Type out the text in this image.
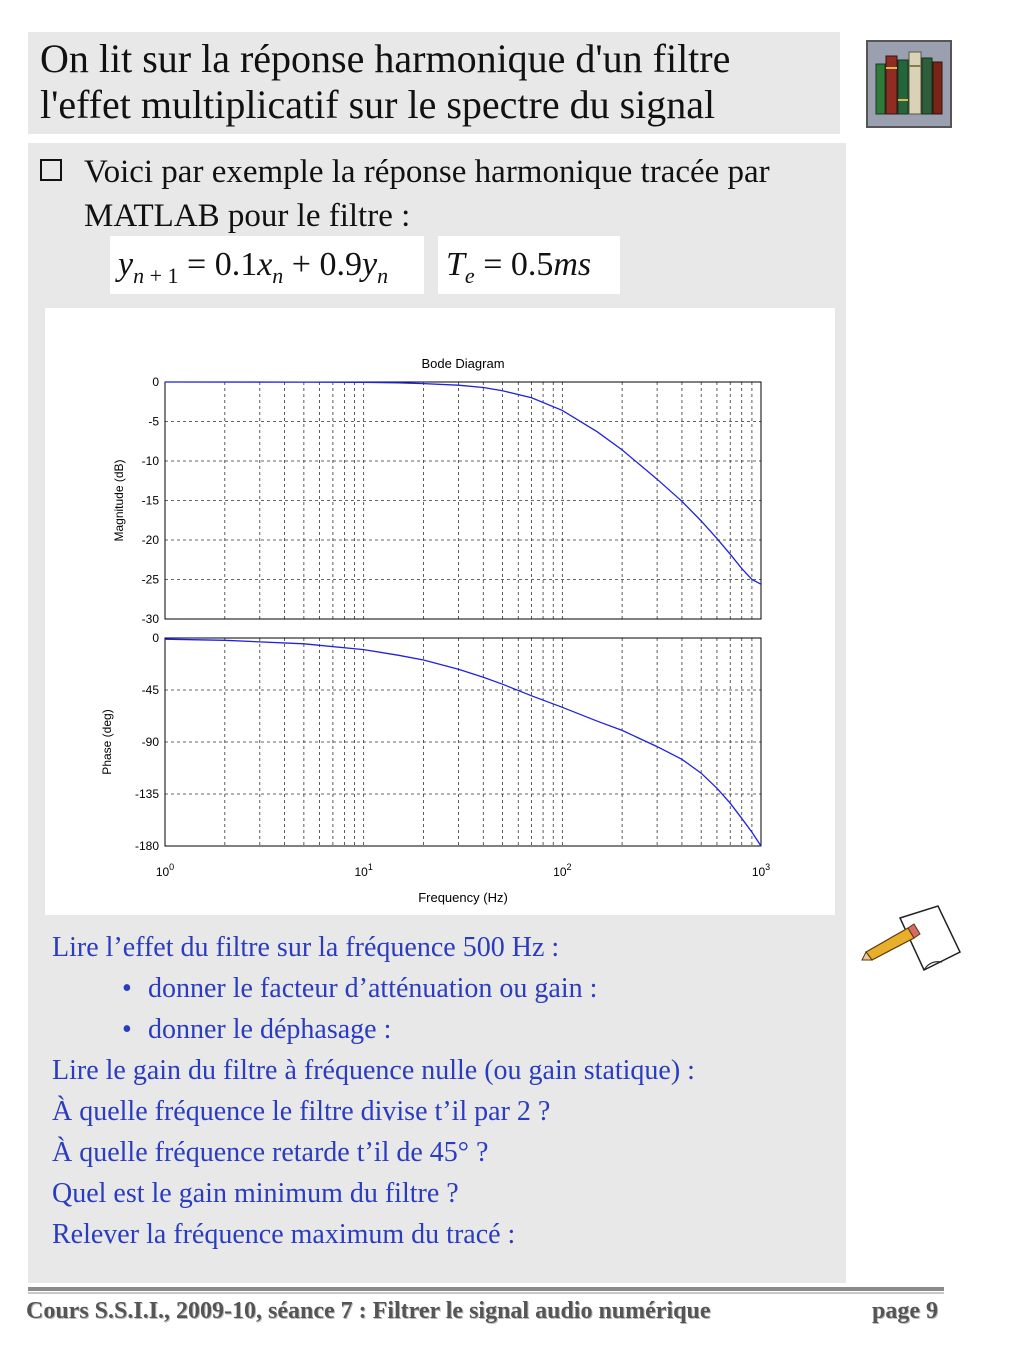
On lit sur la réponse harmonique d'un filtre
l'effet multiplicatif sur le spectre du signal
Voici par exemple la réponse harmonique tracée par MATLAB pour le filtre :
$y_{n + 1} = 0.1x_n + 0.9y_n$ $T_e = 0.5ms$
Bode Diagram
0
-5
-10
-15
-20
-25
-30
Magnitude (dB)
0
-45
-90
-135
-180
Phase (deg)
$10^0$	$10^1$	$10^2$	$10^3$
Frequency (Hz)
Lire l’effet du filtre sur la fréquence 500 Hz :
• donner le facteur d’atténuation ou gain :
• donner le déphasage :
Lire le gain du filtre à fréquence nulle (ou gain statique) :
À quelle fréquence le filtre divise t’il par 2 ?
À quelle fréquence retarde t’il de 45° ?
Quel est le gain minimum du filtre ?
Relever la fréquence maximum du tracé :
Cours S.S.I.I., 2009-10, séance 7 : Filtrer le signal audio numérique	page 9
